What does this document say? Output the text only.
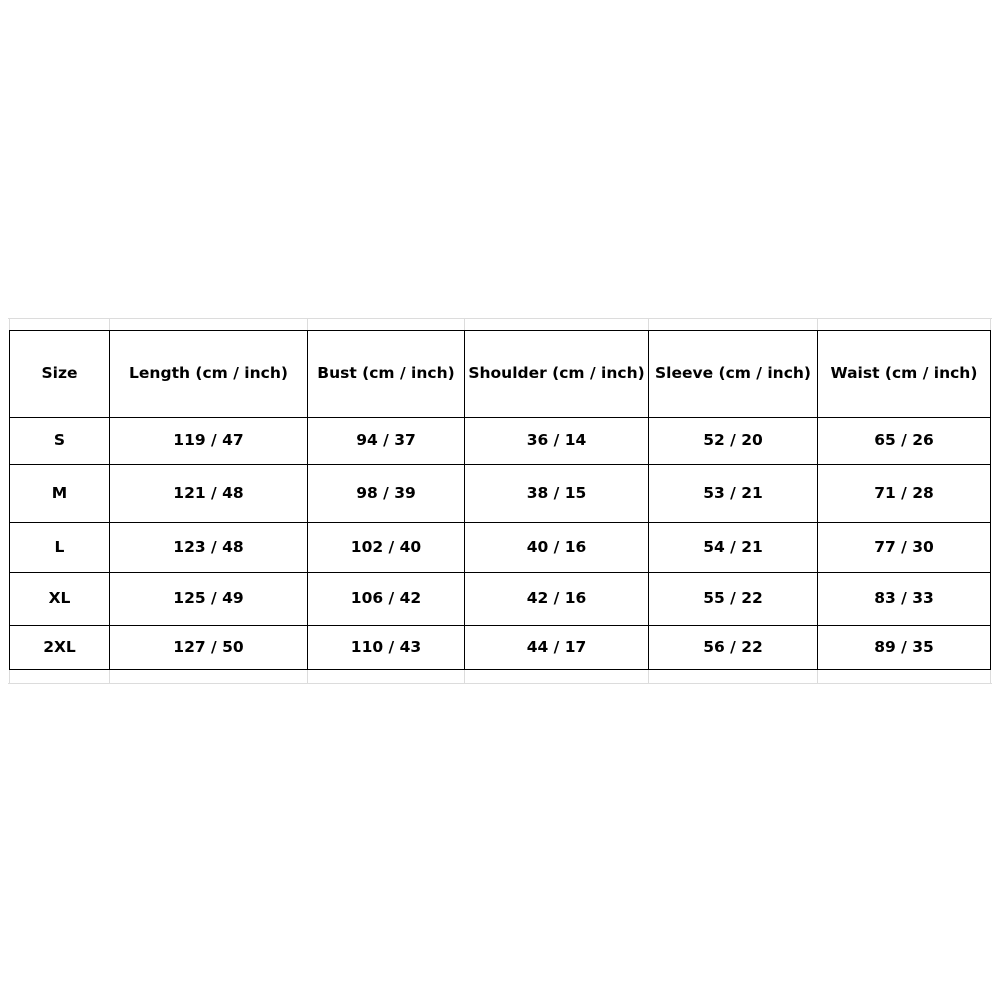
Size	Length (cm / inch)	Bust (cm / inch)	Shoulder (cm / inch)	Sleeve (cm / inch)	Waist (cm / inch)
S	119 / 47	94 / 37	36 / 14	52 / 20	65 / 26
M	121 / 48	98 / 39	38 / 15	53 / 21	71 / 28
L	123 / 48	102 / 40	40 / 16	54 / 21	77 / 30
XL	125 / 49	106 / 42	42 / 16	55 / 22	83 / 33
2XL	127 / 50	110 / 43	44 / 17	56 / 22	89 / 35
